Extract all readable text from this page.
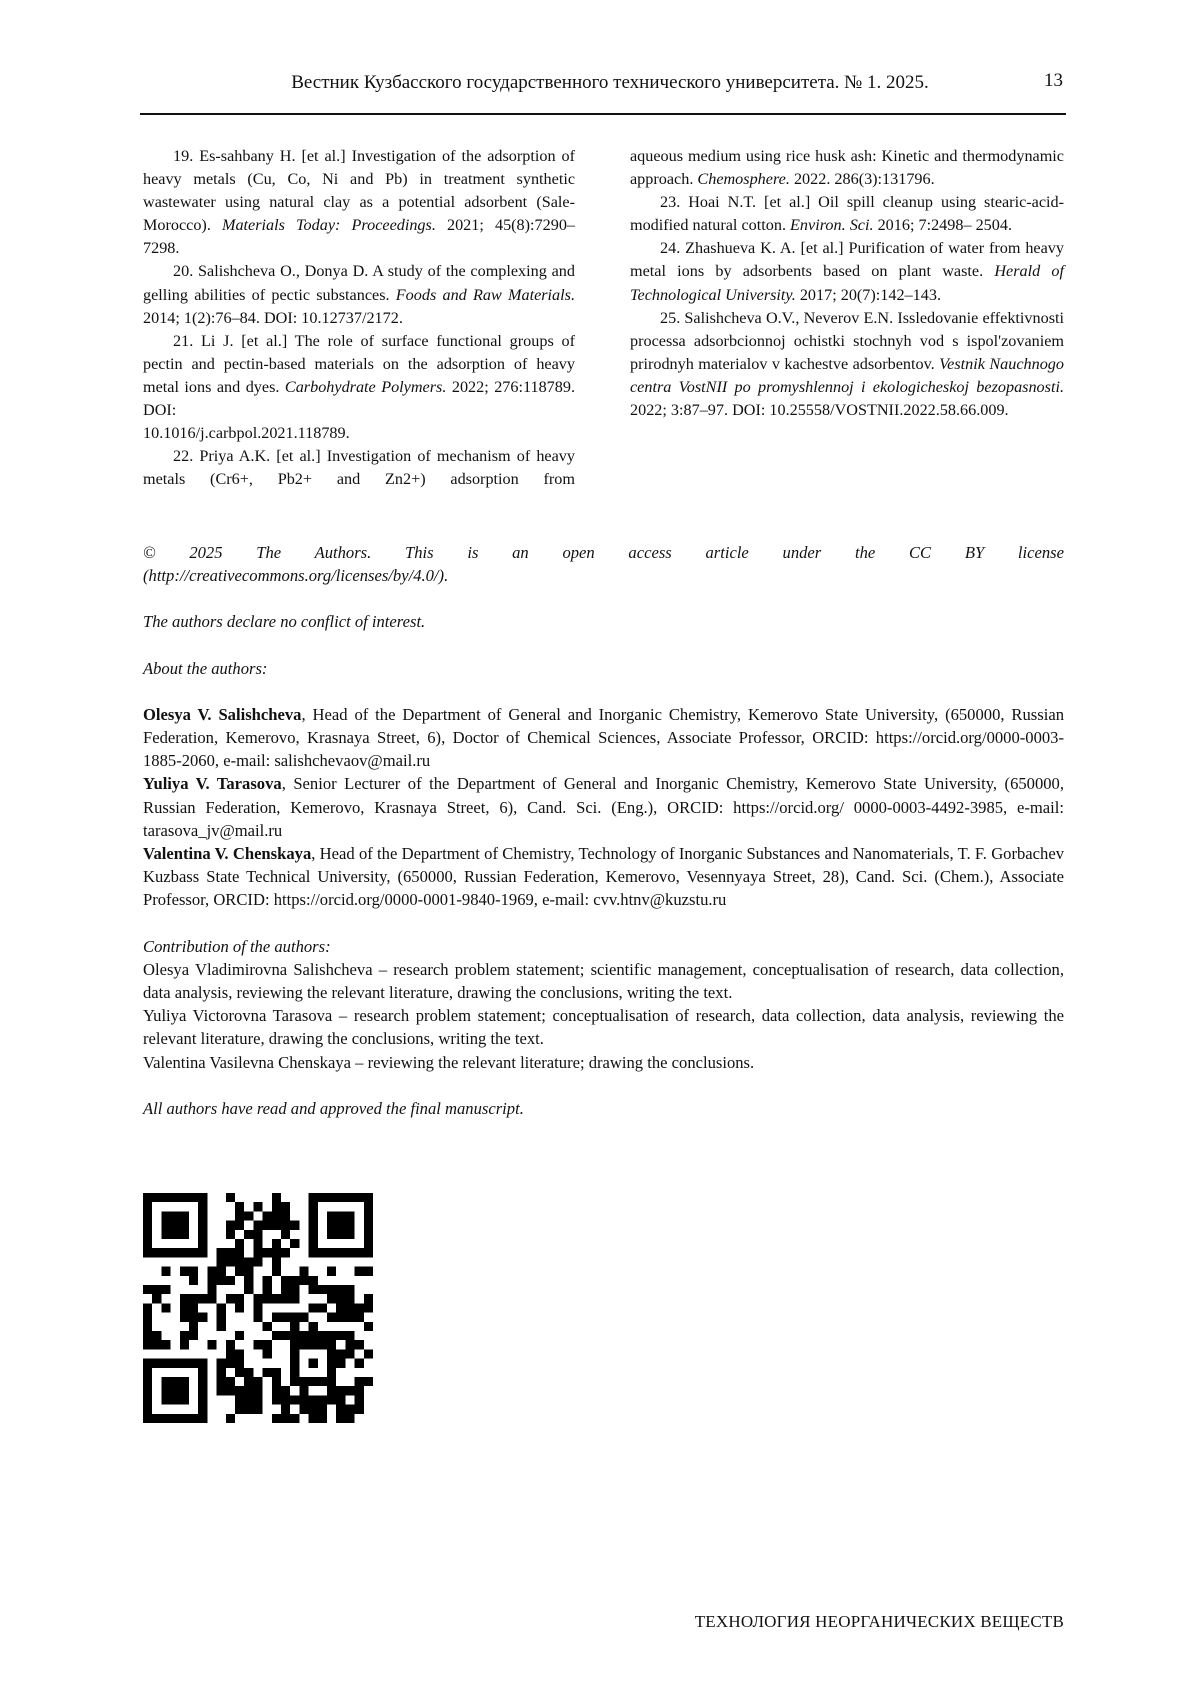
Вестник Кузбасского государственного технического университета. № 1. 2025.	13

19. Es-sahbany H. [et al.] Investigation of the adsorption of heavy metals (Cu, Co, Ni and Pb) in treatment synthetic wastewater using natural clay as a potential adsorbent (Sale-Morocco). Materials Today: Proceedings. 2021; 45(8):7290–7298.

20. Salishcheva O., Donya D. A study of the complexing and gelling abilities of pectic substances. Foods and Raw Materials. 2014; 1(2):76–84. DOI: 10.12737/2172.

21. Li J. [et al.] The role of surface functional groups of pectin and pectin-based materials on the adsorption of heavy metal ions and dyes. Carbohydrate Polymers. 2022; 276:118789. DOI:

10.1016/j.carbpol.2021.118789.

22. Priya A.K. [et al.] Investigation of mechanism of heavy metals (Cr6+, Pb2+ and Zn2+) adsorption from

aqueous medium using rice husk ash: Kinetic and thermodynamic approach. Chemosphere. 2022. 286(3):131796.

23. Hoai N.T. [et al.] Oil spill cleanup using stearic-acid-modified natural cotton. Environ. Sci. 2016; 7:2498– 2504.

24. Zhashueva K. A. [et al.] Purification of water from heavy metal ions by adsorbents based on plant waste. Herald of Technological University. 2017; 20(7):142–143.

25. Salishcheva O.V., Neverov E.N. Issledovanie effektivnosti processa adsorbcionnoj ochistki stochnyh vod s ispol'zovaniem prirodnyh materialov v kachestve adsorbentov. Vestnik Nauchnogo centra VostNII po promyshlennoj i ekologicheskoj bezopasnosti. 2022; 3:87–97. DOI: 10.25558/VOSTNII.2022.58.66.009.

© 2025 The Authors. This is an open access article under the CC BY license
(http://creativecommons.org/licenses/by/4.0/).

The authors declare no conflict of interest.

About the authors:

Olesya V. Salishcheva, Head of the Department of General and Inorganic Chemistry, Kemerovo State University, (650000, Russian Federation, Kemerovo, Krasnaya Street, 6), Doctor of Chemical Sciences, Associate Professor, ORCID: https://orcid.org/0000-0003-1885-2060, e-mail: salishchevaov@mail.ru

Yuliya V. Tarasova, Senior Lecturer of the Department of General and Inorganic Chemistry, Kemerovo State University, (650000, Russian Federation, Kemerovo, Krasnaya Street, 6), Cand. Sci. (Eng.), ORCID: https://orcid.org/ 0000-0003-4492-3985, e-mail: tarasova_jv@mail.ru

Valentina V. Chenskaya, Head of the Department of Chemistry, Technology of Inorganic Substances and Nanomaterials, T. F. Gorbachev Kuzbass State Technical University, (650000, Russian Federation, Kemerovo, Vesennyaya Street, 28), Cand. Sci. (Chem.), Associate Professor, ORCID: https://orcid.org/0000-0001-9840-1969, e-mail: cvv.htnv@kuzstu.ru

Contribution of the authors:

Olesya Vladimirovna Salishcheva – research problem statement; scientific management, conceptualisation of research, data collection, data analysis, reviewing the relevant literature, drawing the conclusions, writing the text.

Yuliya Victorovna Tarasova – research problem statement; conceptualisation of research, data collection, data analysis, reviewing the relevant literature, drawing the conclusions, writing the text.

Valentina Vasilevna Chenskaya – reviewing the relevant literature; drawing the conclusions.

All authors have read and approved the final manuscript.

ТЕХНОЛОГИЯ НЕОРГАНИЧЕСКИХ ВЕЩЕСТВ
